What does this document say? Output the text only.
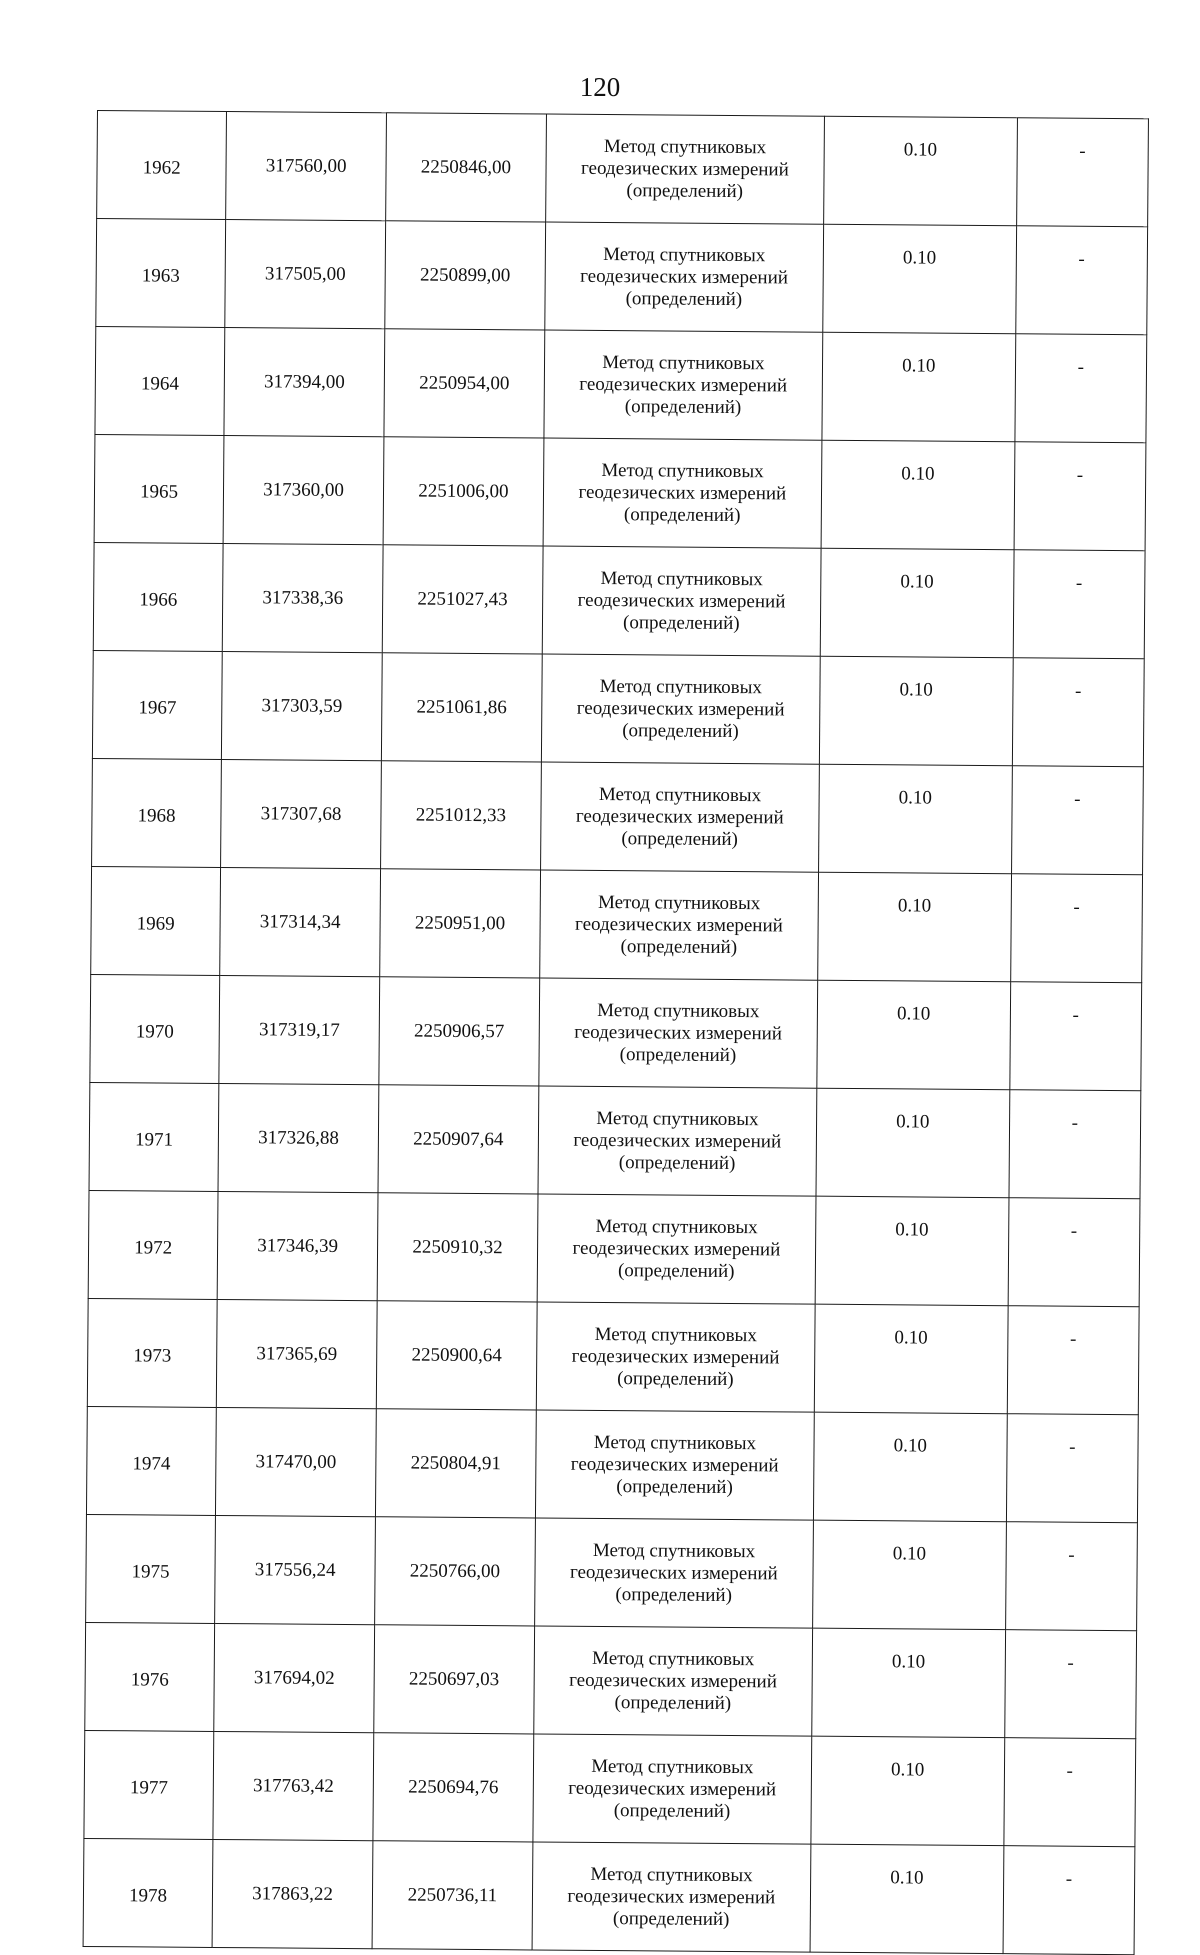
120
1962	317560,00	2250846,00	Метод спутниковых геодезических измерений (определений)	0.10	-
1963	317505,00	2250899,00	Метод спутниковых геодезических измерений (определений)	0.10	-
1964	317394,00	2250954,00	Метод спутниковых геодезических измерений (определений)	0.10	-
1965	317360,00	2251006,00	Метод спутниковых геодезических измерений (определений)	0.10	-
1966	317338,36	2251027,43	Метод спутниковых геодезических измерений (определений)	0.10	-
1967	317303,59	2251061,86	Метод спутниковых геодезических измерений (определений)	0.10	-
1968	317307,68	2251012,33	Метод спутниковых геодезических измерений (определений)	0.10	-
1969	317314,34	2250951,00	Метод спутниковых геодезических измерений (определений)	0.10	-
1970	317319,17	2250906,57	Метод спутниковых геодезических измерений (определений)	0.10	-
1971	317326,88	2250907,64	Метод спутниковых геодезических измерений (определений)	0.10	-
1972	317346,39	2250910,32	Метод спутниковых геодезических измерений (определений)	0.10	-
1973	317365,69	2250900,64	Метод спутниковых геодезических измерений (определений)	0.10	-
1974	317470,00	2250804,91	Метод спутниковых геодезических измерений (определений)	0.10	-
1975	317556,24	2250766,00	Метод спутниковых геодезических измерений (определений)	0.10	-
1976	317694,02	2250697,03	Метод спутниковых геодезических измерений (определений)	0.10	-
1977	317763,42	2250694,76	Метод спутниковых геодезических измерений (определений)	0.10	-
1978	317863,22	2250736,11	Метод спутниковых геодезических измерений (определений)	0.10	-
